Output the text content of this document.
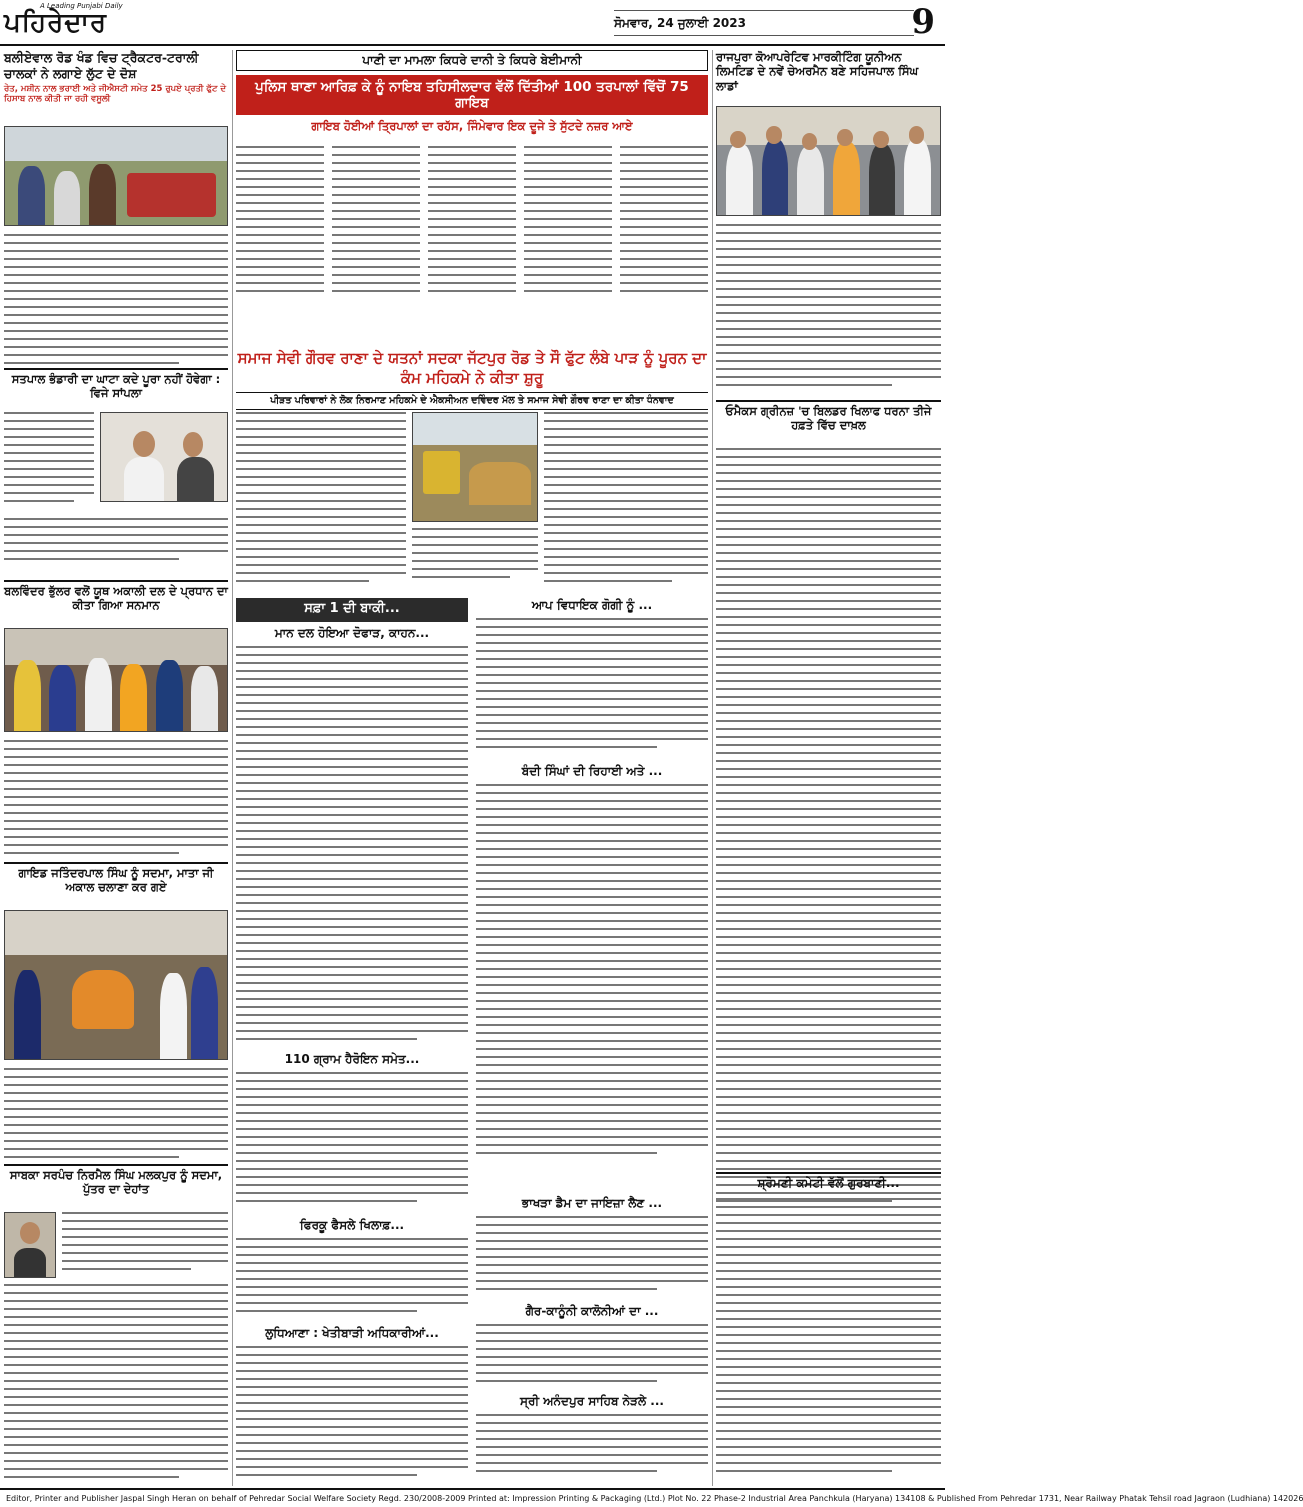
A Leading Punjabi Daily
ਪਹਿਰੇਦਾਰ	ਸੋਮਵਾਰ, 24 ਜੁਲਾਈ 2023	9
ਬਲੀਏਵਾਲ ਰੋਡ ਖੰਡ ਵਿਚ ਟ੍ਰੈਕਟਰ-ਟਰਾਲੀ ਚਾਲਕਾਂ ਨੇ ਲਗਾਏ ਲੁੱਟ ਦੇ ਦੋਸ਼
ਰੇਤ, ਮਸ਼ੀਨ ਨਾਲ ਭਰਾਈ ਅਤੇ ਜੀਐਸਟੀ ਸਮੇਤ 25 ਰੁਪਏ ਪ੍ਰਤੀ ਫੁੱਟ ਦੇ ਹਿਸਾਬ ਨਾਲ ਕੀਤੀ ਜਾ ਰਹੀ ਵਸੂਲੀ
ਸਤਪਾਲ ਭੰਡਾਰੀ ਦਾ ਘਾਟਾ ਕਦੇ ਪੂਰਾ ਨਹੀਂ ਹੋਵੇਗਾ : ਵਿਜੇ ਸਾਂਪਲਾ
ਬਲਵਿੰਦਰ ਭੁੱਲਰ ਵਲੋਂ ਯੂਥ ਅਕਾਲੀ ਦਲ ਦੇ ਪ੍ਰਧਾਨ ਦਾ ਕੀਤਾ ਗਿਆ ਸਨਮਾਨ
ਗਾਇਡ ਜਤਿੰਦਰਪਾਲ ਸਿੰਘ ਨੂੰ ਸਦਮਾ, ਮਾਤਾ ਜੀ ਅਕਾਲ ਚਲਾਣਾ ਕਰ ਗਏ
ਸਾਬਕਾ ਸਰਪੰਚ ਨਿਰਮੈਲ ਸਿੰਘ ਮਲਕਪੁਰ ਨੂੰ ਸਦਮਾ, ਪੁੱਤਰ ਦਾ ਦੇਹਾਂਤ
ਪਾਣੀ ਦਾ ਮਾਮਲਾ ਕਿਧਰੇ ਦਾਨੀ ਤੇ ਕਿਧਰੇ ਬੇਈਮਾਨੀ
ਪੁਲਿਸ ਥਾਣਾ ਆਰਿਫ਼ ਕੇ ਨੂੰ ਨਾਇਬ ਤਹਿਸੀਲਦਾਰ ਵੱਲੋਂ ਦਿੱਤੀਆਂ 100 ਤਰਪਾਲਾਂ ਵਿੱਚੋਂ 75 ਗਾਇਬ
ਗਾਇਬ ਹੋਈਆਂ ਤ੍ਰਿਪਾਲਾਂ ਦਾ ਰਹੱਸ, ਜਿੰਮੇਵਾਰ ਇਕ ਦੂਜੇ ਤੇ ਸੁੱਟਦੇ ਨਜ਼ਰ ਆਏ
ਸਮਾਜ ਸੇਵੀ ਗੌਰਵ ਰਾਣਾ ਦੇ ਯਤਨਾਂ ਸਦਕਾ ਜੱਟਪੁਰ ਰੋਡ ਤੇ ਸੌ ਫੁੱਟ ਲੰਬੇ ਪਾੜ ਨੂੰ ਪੂਰਨ ਦਾ ਕੰਮ ਮਹਿਕਮੇ ਨੇ ਕੀਤਾ ਸ਼ੁਰੂ
ਪੀੜਤ ਪਰਿਵਾਰਾਂ ਨੇ ਲੋਕ ਨਿਰਮਾਣ ਮਹਿਕਮੇ ਦੇ ਐਕਸੀਅਨ ਦਵਿੰਦਰ ਮੱਲ ਤੇ ਸਮਾਜ ਸੇਵੀ ਗੌਰਵ ਰਾਣਾ ਦਾ ਕੀਤਾ ਧੰਨਵਾਦ
ਸਫ਼ਾ 1 ਦੀ ਬਾਕੀ...
ਮਾਨ ਦਲ ਹੋਇਆ ਦੋਫਾੜ, ਕਾਹਨ...
110 ਗ੍ਰਾਮ ਹੈਰੋਇਨ ਸਮੇਤ...
ਫਿਰਕੂ ਫੈਸਲੇ ਖਿਲਾਫ਼...
ਲੁਧਿਆਣਾ : ਖੇਤੀਬਾੜੀ ਅਧਿਕਾਰੀਆਂ...
ਆਪ ਵਿਧਾਇਕ ਗੋਗੀ ਨੂੰ ...
ਬੰਦੀ ਸਿੰਘਾਂ ਦੀ ਰਿਹਾਈ ਅਤੇ ...
ਭਾਖੜਾ ਡੈਮ ਦਾ ਜਾਇਜ਼ਾ ਲੈਣ ...
ਗੈਰ-ਕਾਨੂੰਨੀ ਕਾਲੋਨੀਆਂ ਦਾ ...
ਸ੍ਰੀ ਅਨੰਦਪੁਰ ਸਾਹਿਬ ਨੇੜਲੇ ...
ਰਾਜਪੁਰਾ ਕੋਆਪਰੇਟਿਵ ਮਾਰਕੀਟਿੰਗ ਯੂਨੀਅਨ ਲਿਮਟਿਡ ਦੇ ਨਵੇਂ ਚੇਅਰਮੈਨ ਬਣੇ ਸਹਿਜਪਾਲ ਸਿੰਘ ਲਾਡਾਂ
ਓਮੈਕਸ ਗ੍ਰੀਨਜ਼ 'ਚ ਬਿਲਡਰ ਖਿਲਾਫ ਧਰਨਾ ਤੀਜੇ ਹਫ਼ਤੇ ਵਿੱਚ ਦਾਖ਼ਲ
ਸ਼੍ਰੋਮਣੀ ਕਮੇਟੀ ਵੱਲੋਂ ਗੁਰਬਾਣੀ...
Editor, Printer and Publisher Jaspal Singh Heran on behalf of Pehredar Social Welfare Society Regd. 230/2008-2009 Printed at: Impression Printing & Packaging (Ltd.) Plot No. 22 Phase-2 Industrial Area Panchkula (Haryana) 134108 & Published From Pehredar 1731, Near Railway Phatak Tehsil road Jagraon (Ludhiana) 142026
